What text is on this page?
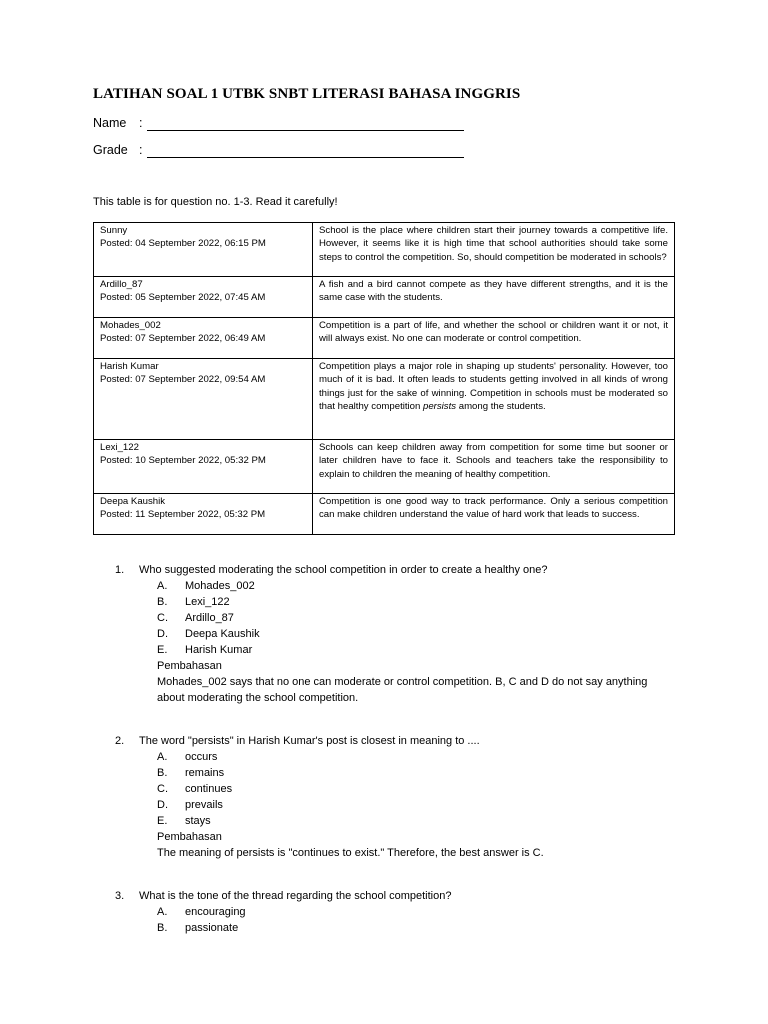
LATIHAN SOAL 1 UTBK SNBT LITERASI BAHASA INGGRIS
Name :
Grade :
This table is for question no. 1-3. Read it carefully!
Sunny
Posted: 04 September 2022, 06:15 PM	School is the place where children start their journey towards a competitive life. However, it seems like it is high time that school authorities should take some steps to control the competition. So, should competition be moderated in schools?

Ardillo_87
Posted: 05 September 2022, 07:45 AM	A fish and a bird cannot compete as they have different strengths, and it is the same case with the students.

Mohades_002
Posted: 07 September 2022, 06:49 AM	Competition is a part of life, and whether the school or children want it or not, it will always exist. No one can moderate or control competition.

Harish Kumar
Posted: 07 September 2022, 09:54 AM	Competition plays a major role in shaping up students' personality. However, too much of it is bad. It often leads to students getting involved in all kinds of wrong things just for the sake of winning. Competition in schools must be moderated so that healthy competition persists among the students.

Lexi_122
Posted: 10 September 2022, 05:32 PM	Schools can keep children away from competition for some time but sooner or later children have to face it. Schools and teachers take the responsibility to explain to children the meaning of healthy competition.

Deepa Kaushik
Posted: 11 September 2022, 05:32 PM	Competition is one good way to track performance. Only a serious competition can make children understand the value of hard work that leads to success.
1. Who suggested moderating the school competition in order to create a healthy one?
A. Mohades_002
B. Lexi_122
C. Ardillo_87
D. Deepa Kaushik
E. Harish Kumar
Pembahasan
Mohades_002 says that no one can moderate or control competition. B, C and D do not say anything about moderating the school competition.
2. The word "persists" in Harish Kumar's post is closest in meaning to ....
A. occurs
B. remains
C. continues
D. prevails
E. stays
Pembahasan
The meaning of persists is "continues to exist." Therefore, the best answer is C.
3. What is the tone of the thread regarding the school competition?
A. encouraging
B. passionate
